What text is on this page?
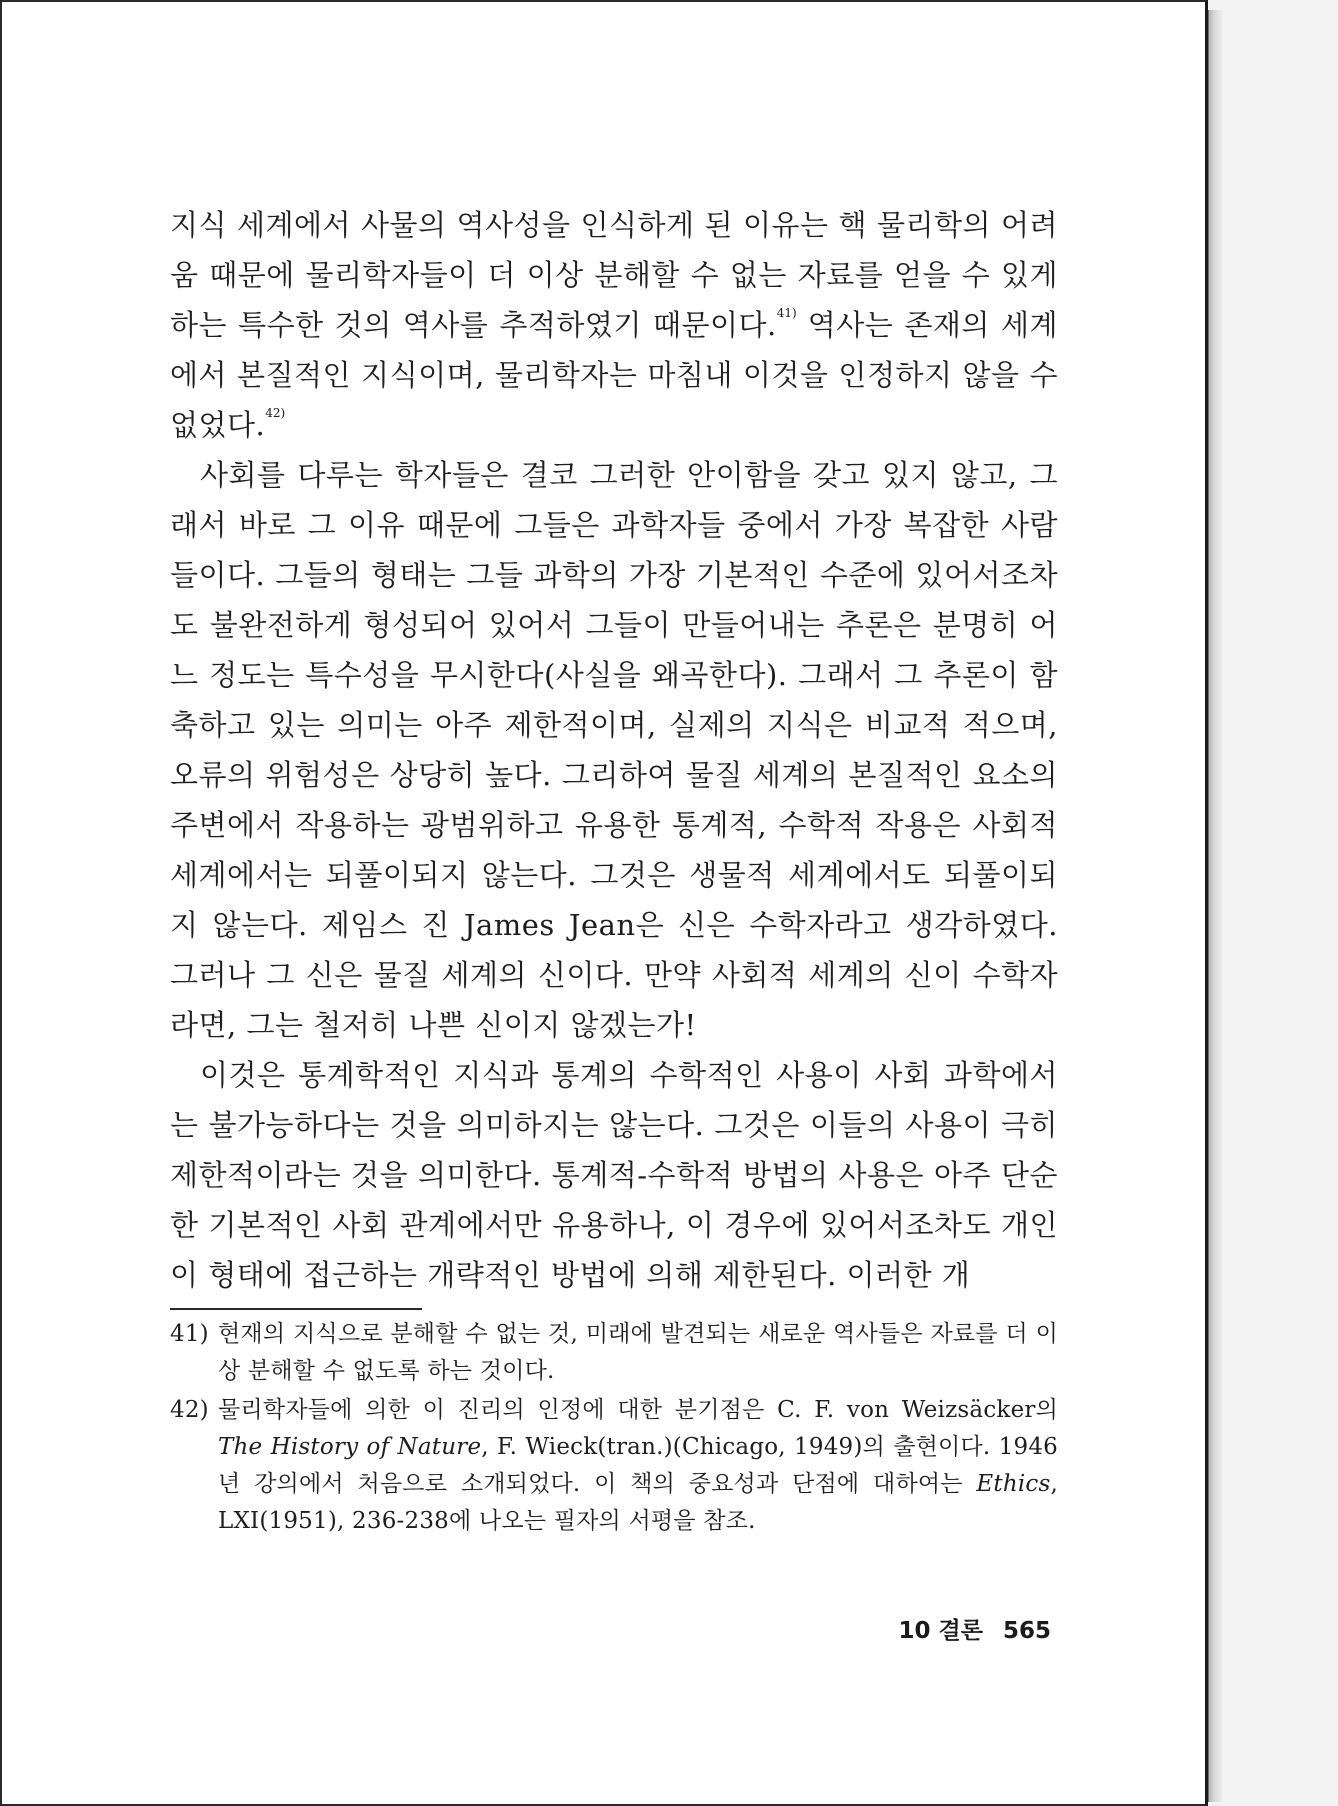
지식 세계에서 사물의 역사성을 인식하게 된 이유는 핵 물리학의 어려움 때문에 물리학자들이 더 이상 분해할 수 없는 자료를 얻을 수 있게 하는 특수한 것의 역사를 추적하였기 때문이다.$^{41)}$ 역사는 존재의 세계에서 본질적인 지식이며, 물리학자는 마침내 이것을 인정하지 않을 수 없었다.$^{42)}$

사회를 다루는 학자들은 결코 그러한 안이함을 갖고 있지 않고, 그래서 바로 그 이유 때문에 그들은 과학자들 중에서 가장 복잡한 사람들이다. 그들의 형태는 그들 과학의 가장 기본적인 수준에 있어서조차도 불완전하게 형성되어 있어서 그들이 만들어내는 추론은 분명히 어느 정도는 특수성을 무시한다(사실을 왜곡한다). 그래서 그 추론이 함축하고 있는 의미는 아주 제한적이며, 실제의 지식은 비교적 적으며, 오류의 위험성은 상당히 높다. 그리하여 물질 세계의 본질적인 요소의 주변에서 작용하는 광범위하고 유용한 통계적, 수학적 작용은 사회적 세계에서는 되풀이되지 않는다. 그것은 생물적 세계에서도 되풀이되지 않는다. 제임스 진 James Jean은 신은 수학자라고 생각하였다. 그러나 그 신은 물질 세계의 신이다. 만약 사회적 세계의 신이 수학자라면, 그는 철저히 나쁜 신이지 않겠는가!

이것은 통계학적인 지식과 통계의 수학적인 사용이 사회 과학에서는 불가능하다는 것을 의미하지는 않는다. 그것은 이들의 사용이 극히 제한적이라는 것을 의미한다. 통계적-수학적 방법의 사용은 아주 단순한 기본적인 사회 관계에서만 유용하나, 이 경우에 있어서조차도 개인이 형태에 접근하는 개략적인 방법에 의해 제한된다. 이러한 개

41) 현재의 지식으로 분해할 수 없는 것, 미래에 발견되는 새로운 역사들은 자료를 더 이상 분해할 수 없도록 하는 것이다.

42) 물리학자들에 의한 이 진리의 인정에 대한 분기점은 C. F. von Weizsäcker의 The History of Nature, F. Wieck(tran.)(Chicago, 1949)의 출현이다. 1946년 강의에서 처음으로 소개되었다. 이 책의 중요성과 단점에 대하여는 Ethics, LXI(1951), 236-238에 나오는 필자의 서평을 참조.

10 결론 565
